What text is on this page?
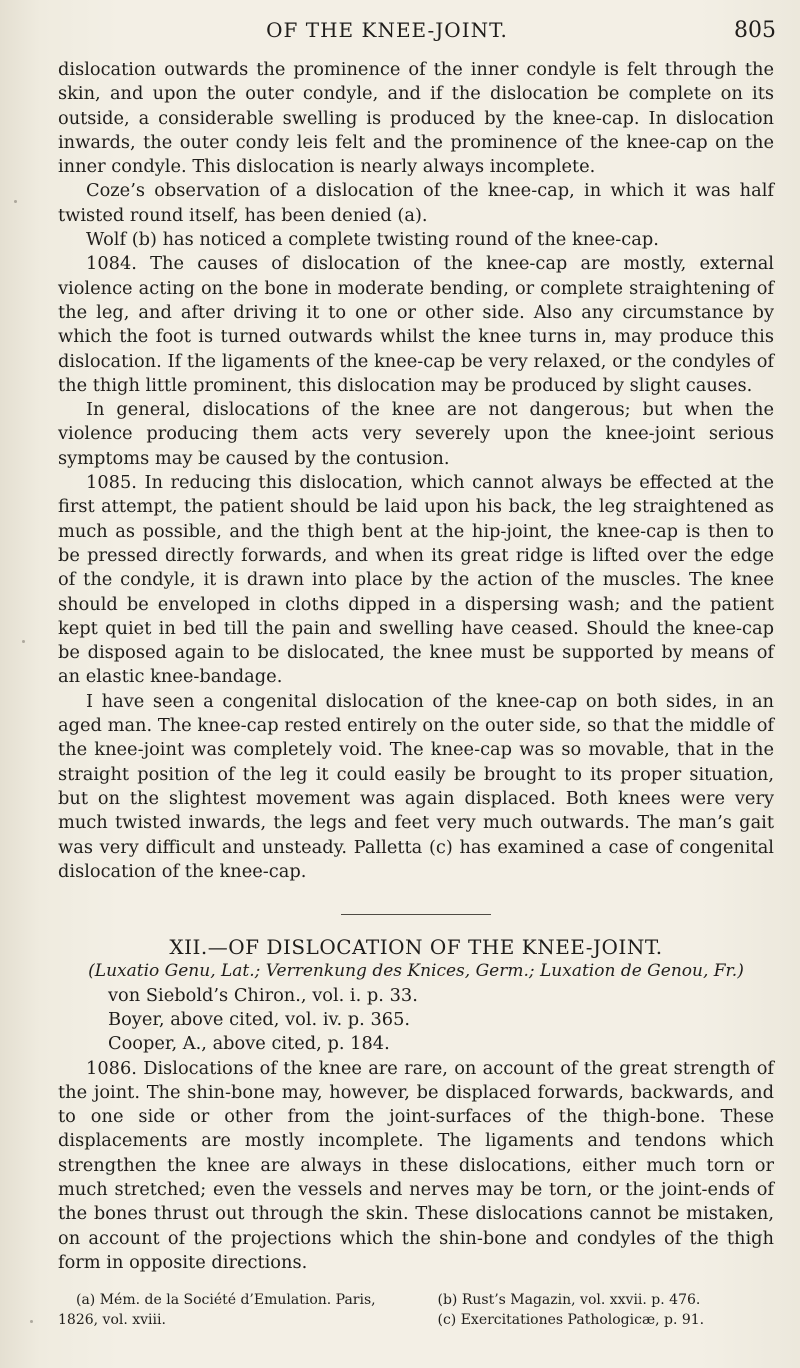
OF THE KNEE-JOINT.	805

dislocation outwards the prominence of the inner condyle is felt through the skin, and upon the outer condyle, and if the dislocation be complete on its outside, a considerable swelling is produced by the knee-cap. In dislocation inwards, the outer condy leis felt and the prominence of the knee-cap on the inner condyle. This dislocation is nearly always incomplete.

Coze’s observation of a dislocation of the knee-cap, in which it was half twisted round itself, has been denied (a).

Wolf (b) has noticed a complete twisting round of the knee-cap.

1084. The causes of dislocation of the knee-cap are mostly, external violence acting on the bone in moderate bending, or complete straightening of the leg, and after driving it to one or other side. Also any circumstance by which the foot is turned outwards whilst the knee turns in, may produce this dislocation. If the ligaments of the knee-cap be very relaxed, or the condyles of the thigh little prominent, this dislocation may be produced by slight causes.

In general, dislocations of the knee are not dangerous; but when the violence producing them acts very severely upon the knee-joint serious symptoms may be caused by the contusion.

1085. In reducing this dislocation, which cannot always be effected at the first attempt, the patient should be laid upon his back, the leg straightened as much as possible, and the thigh bent at the hip-joint, the knee-cap is then to be pressed directly forwards, and when its great ridge is lifted over the edge of the condyle, it is drawn into place by the action of the muscles. The knee should be enveloped in cloths dipped in a dispersing wash; and the patient kept quiet in bed till the pain and swelling have ceased. Should the knee-cap be disposed again to be dislocated, the knee must be supported by means of an elastic knee-bandage.

I have seen a congenital dislocation of the knee-cap on both sides, in an aged man. The knee-cap rested entirely on the outer side, so that the middle of the knee-joint was completely void. The knee-cap was so movable, that in the straight position of the leg it could easily be brought to its proper situation, but on the slightest movement was again displaced. Both knees were very much twisted inwards, the legs and feet very much outwards. The man’s gait was very difficult and unsteady. Palletta (c) has examined a case of congenital dislocation of the knee-cap.

XII.—OF DISLOCATION OF THE KNEE-JOINT.

(Luxatio Genu, Lat.; Verrenkung des Knices, Germ.; Luxation de Genou, Fr.)

von Siebold’s Chiron., vol. i. p. 33.

Boyer, above cited, vol. iv. p. 365.

Cooper, A., above cited, p. 184.

1086. Dislocations of the knee are rare, on account of the great strength of the joint. The shin-bone may, however, be displaced forwards, backwards, and to one side or other from the joint-surfaces of the thigh-bone. These displacements are mostly incomplete. The ligaments and tendons which strengthen the knee are always in these dislocations, either much torn or much stretched; even the vessels and nerves may be torn, or the joint-ends of the bones thrust out through the skin. These dislocations cannot be mistaken, on account of the projections which the shin-bone and condyles of the thigh form in opposite directions.

(a) Mém. de la Société d’Emulation. Paris,

1826, vol. xviii.

(b) Rust’s Magazin, vol. xxvii. p. 476.

(c) Exercitationes Pathologicæ, p. 91.
